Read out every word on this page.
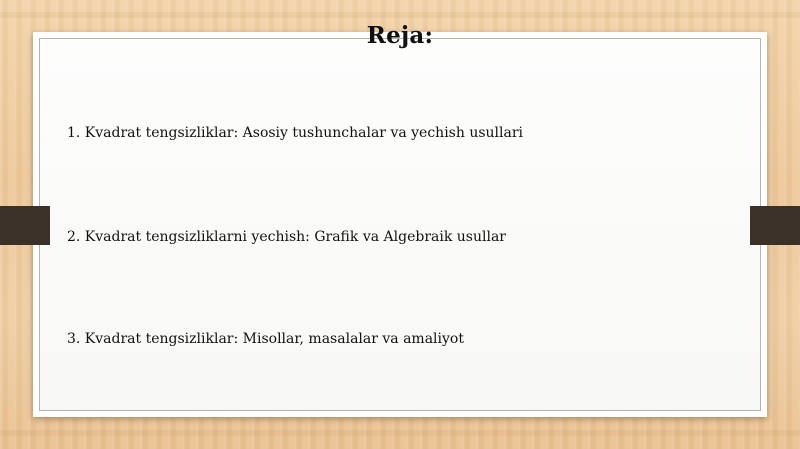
Reja:
1. Kvadrat tengsizliklar: Asosiy tushunchalar va yechish usullari
2. Kvadrat tengsizliklarni yechish: Grafik va Algebraik usullar
3. Kvadrat tengsizliklar: Misollar, masalalar va amaliyot
